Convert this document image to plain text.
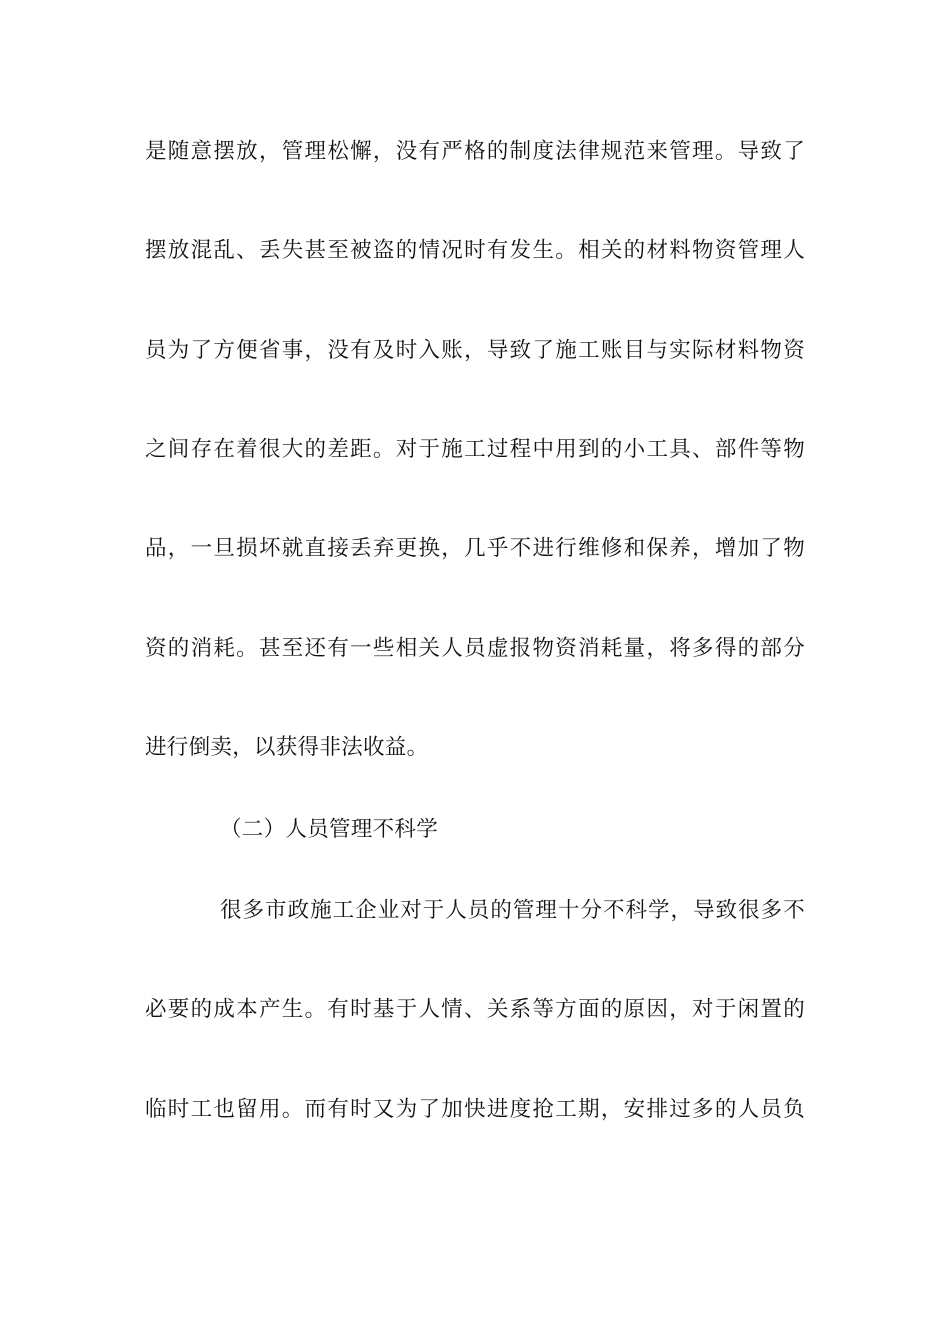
是随意摆放，管理松懈，没有严格的制度法律规范来管理。导致了
摆放混乱、丢失甚至被盗的情况时有发生。相关的材料物资管理人
员为了方便省事，没有及时入账，导致了施工账目与实际材料物资
之间存在着很大的差距。对于施工过程中用到的小工具、部件等物
品，一旦损坏就直接丢弃更换，几乎不进行维修和保养，增加了物
资的消耗。甚至还有一些相关人员虚报物资消耗量，将多得的部分
进行倒卖，以获得非法收益。
（二）人员管理不科学
很多市政施工企业对于人员的管理十分不科学，导致很多不
必要的成本产生。有时基于人情、关系等方面的原因，对于闲置的
临时工也留用。而有时又为了加快进度抢工期，安排过多的人员负
